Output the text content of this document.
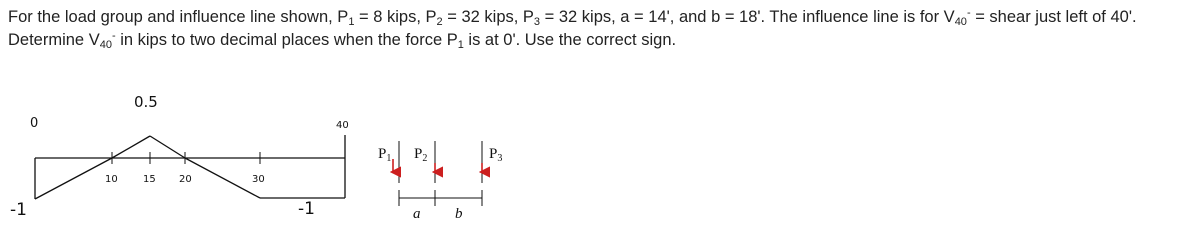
For the load group and influence line shown, $P_1 = 8$ kips, $P_2 = 32$ kips, $P_3 = 32$ kips, a = 14', and b = 18'. The influence line is for $V_{40}^-$ = shear just left of 40'. Determine $V_{40}^-$ in kips to two decimal places when the force $P_1$ is at 0'. Use the correct sign.
0.5
0	40
10	15 20	30
-1	-1
$P_1$ $P_2$	$P_3$
a b
